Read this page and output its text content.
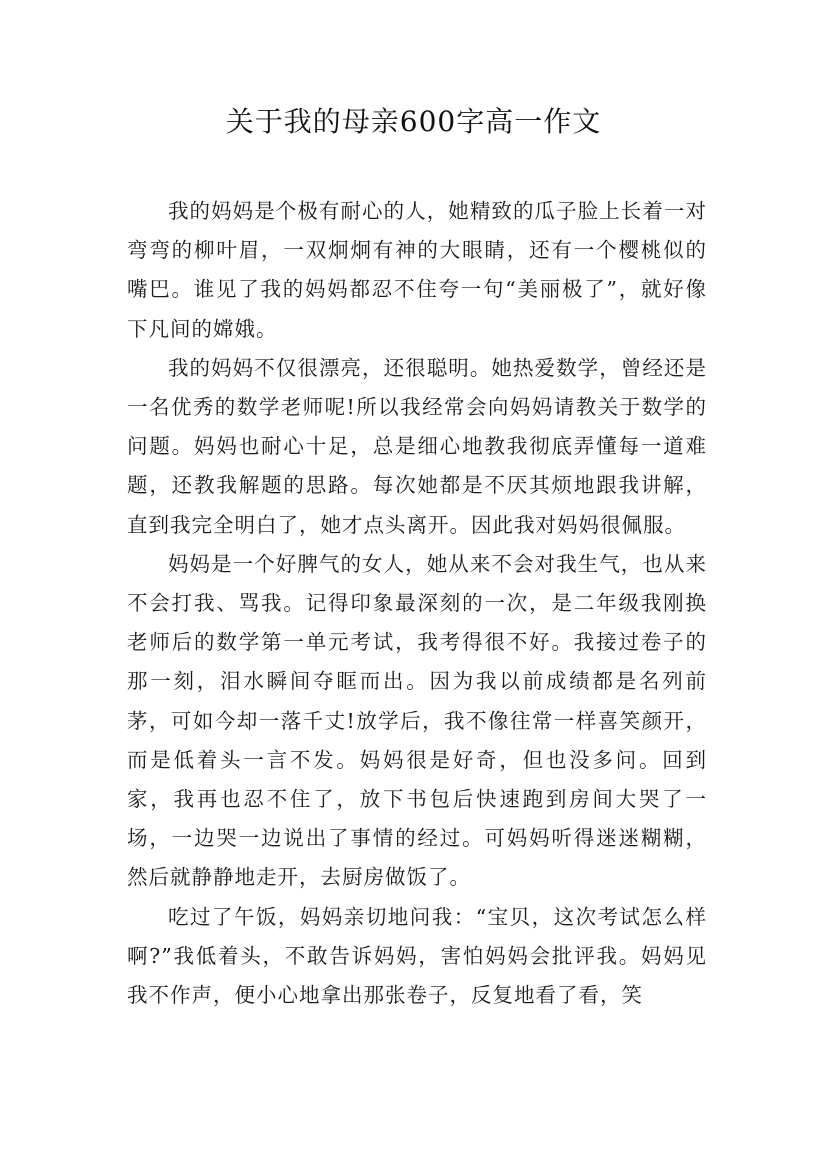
关于我的母亲600字高一作文

我的妈妈是个极有耐心的人，她精致的瓜子脸上长着一对弯弯的柳叶眉，一双炯炯有神的大眼睛，还有一个樱桃似的嘴巴。谁见了我的妈妈都忍不住夸一句“美丽极了”，就好像下凡间的嫦娥。

我的妈妈不仅很漂亮，还很聪明。她热爱数学，曾经还是一名优秀的数学老师呢!所以我经常会向妈妈请教关于数学的问题。妈妈也耐心十足，总是细心地教我彻底弄懂每一道难题，还教我解题的思路。每次她都是不厌其烦地跟我讲解，直到我完全明白了，她才点头离开。因此我对妈妈很佩服。

妈妈是一个好脾气的女人，她从来不会对我生气，也从来不会打我、骂我。记得印象最深刻的一次，是二年级我刚换老师后的数学第一单元考试，我考得很不好。我接过卷子的那一刻，泪水瞬间夺眶而出。因为我以前成绩都是名列前茅，可如今却一落千丈!放学后，我不像往常一样喜笑颜开，而是低着头一言不发。妈妈很是好奇，但也没多问。回到家，我再也忍不住了，放下书包后快速跑到房间大哭了一场，一边哭一边说出了事情的经过。可妈妈听得迷迷糊糊，然后就静静地走开，去厨房做饭了。

吃过了午饭，妈妈亲切地问我：“宝贝，这次考试怎么样啊?”我低着头，不敢告诉妈妈，害怕妈妈会批评我。妈妈见我不作声，便小心地拿出那张卷子，反复地看了看，笑
